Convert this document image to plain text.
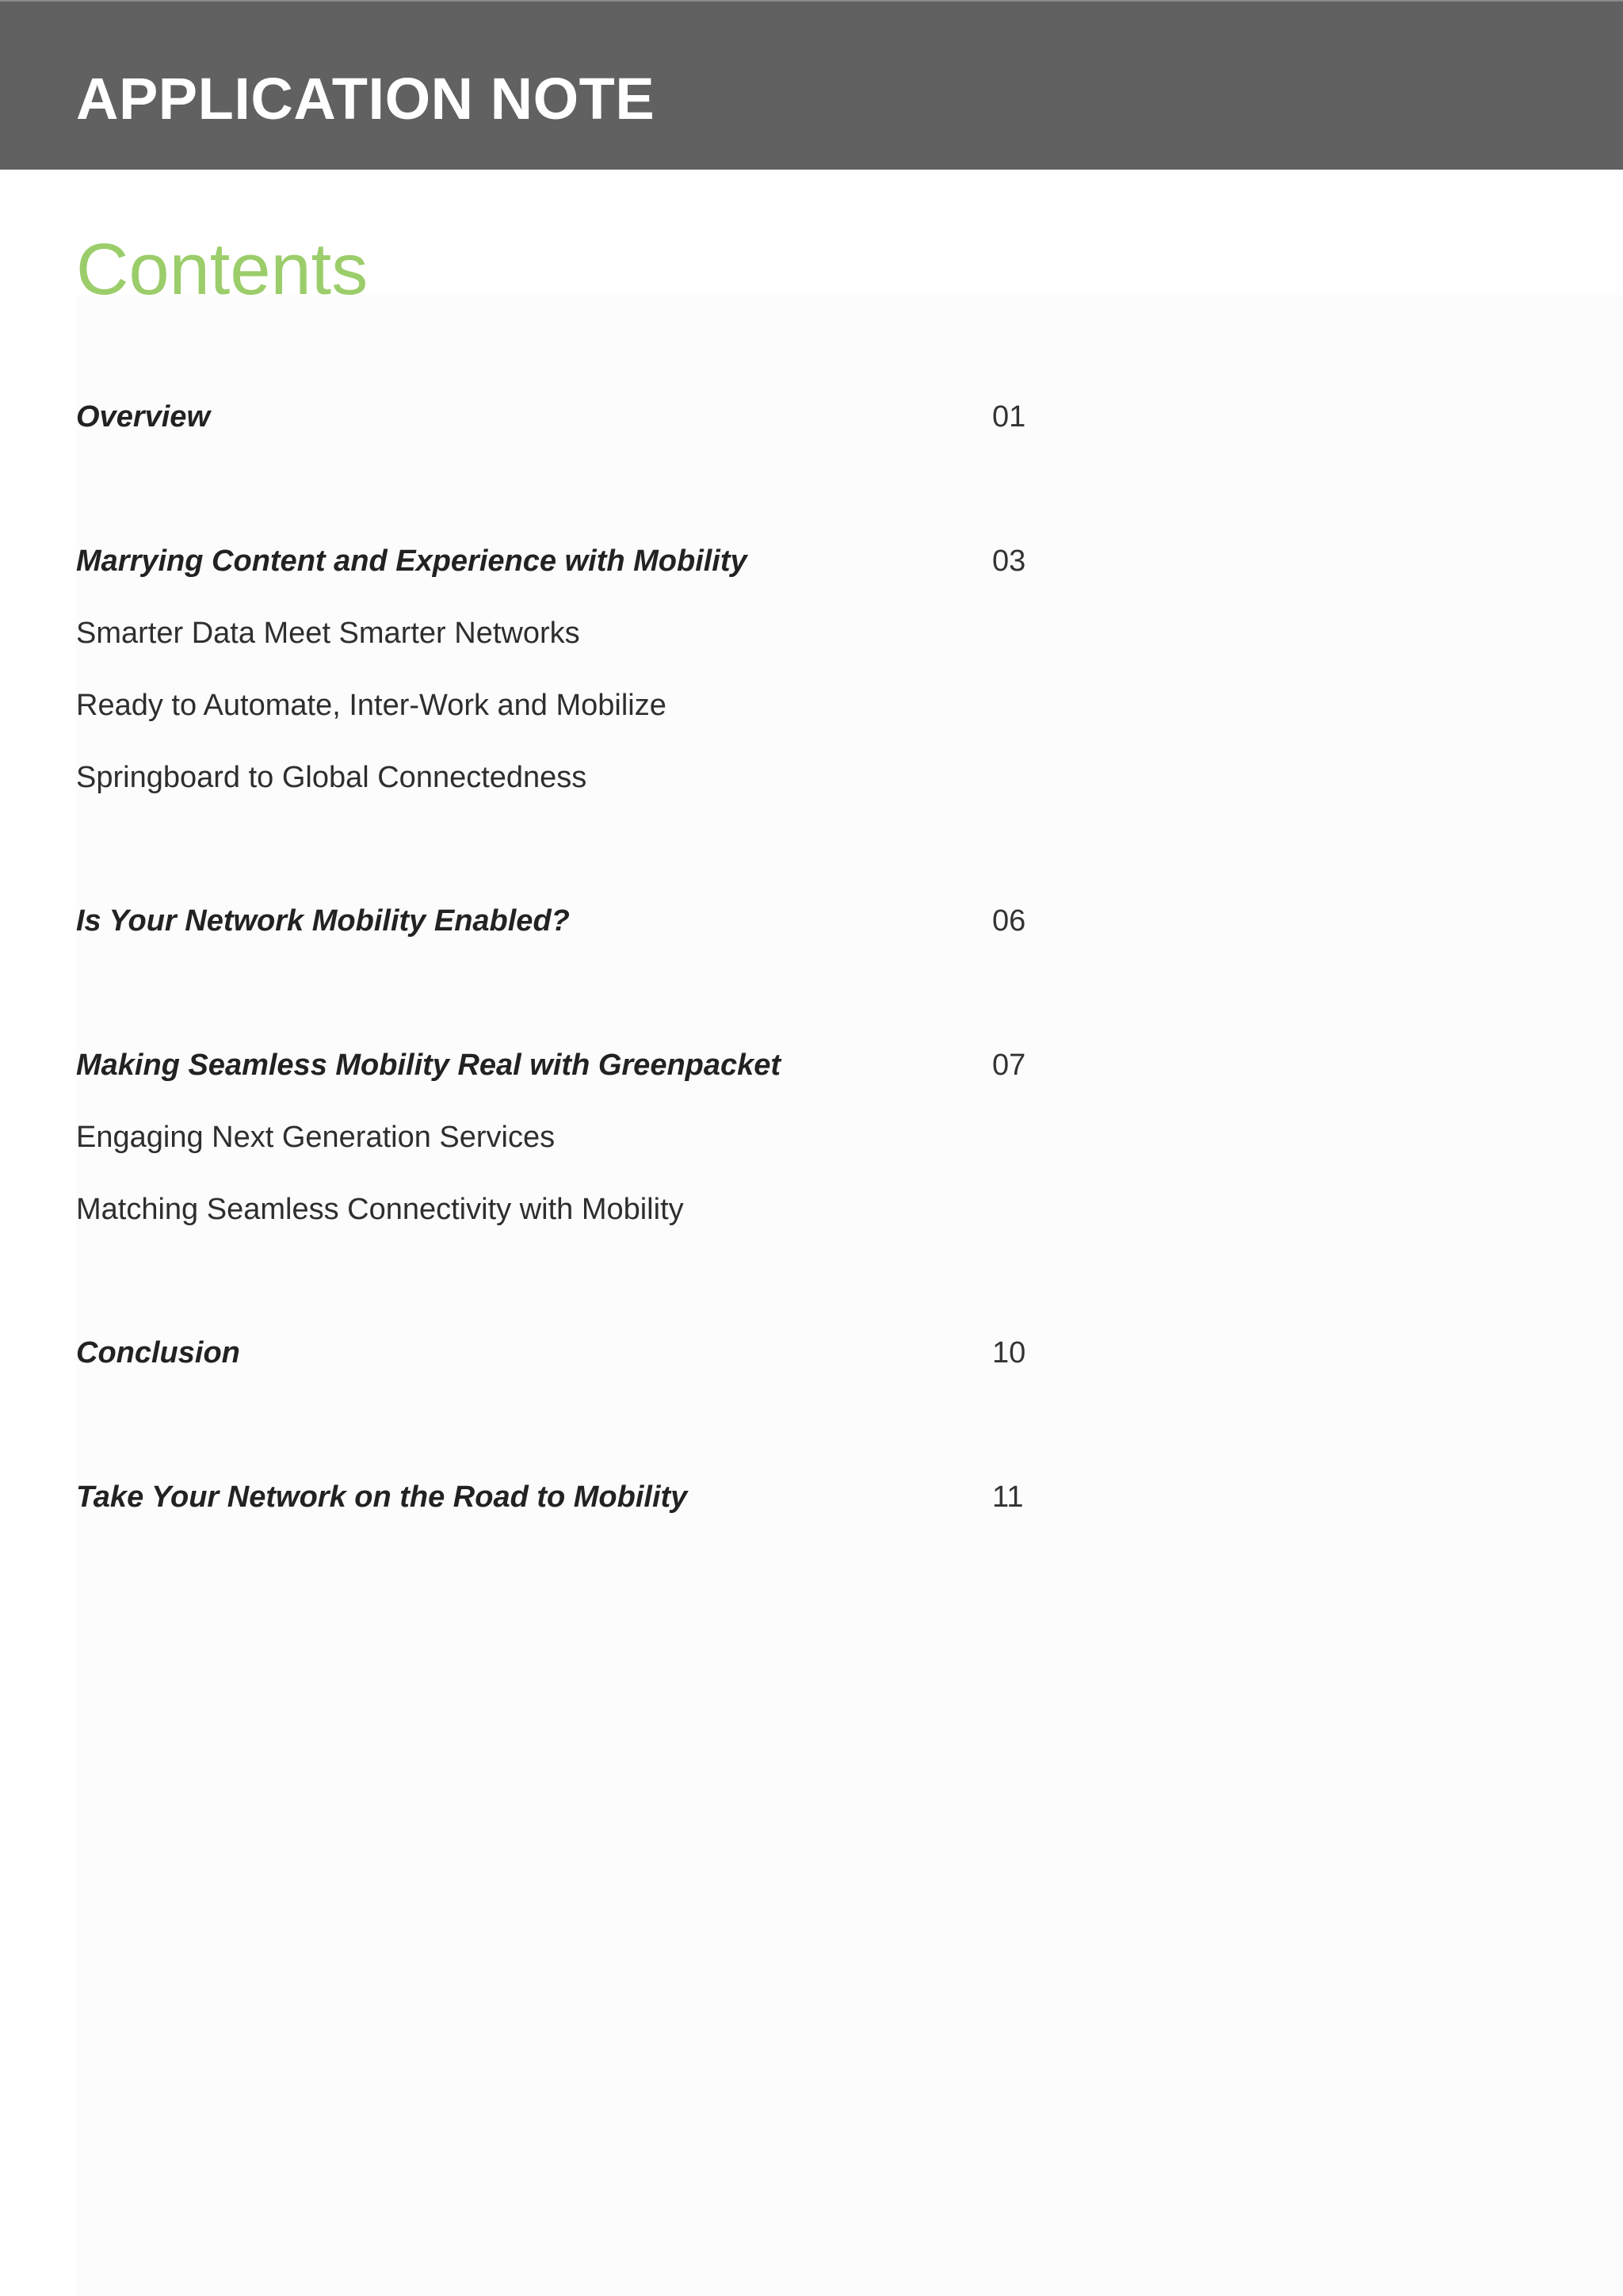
APPLICATION NOTE
Contents

Overview	01

Marrying Content and Experience with Mobility	03

Smarter Data Meet Smarter Networks

Ready to Automate, Inter-Work and Mobilize

Springboard to Global Connectedness

Is Your Network Mobility Enabled?	06

Making Seamless Mobility Real with Greenpacket	07

Engaging Next Generation Services

Matching Seamless Connectivity with Mobility

Conclusion	10

Take Your Network on the Road to Mobility	11
